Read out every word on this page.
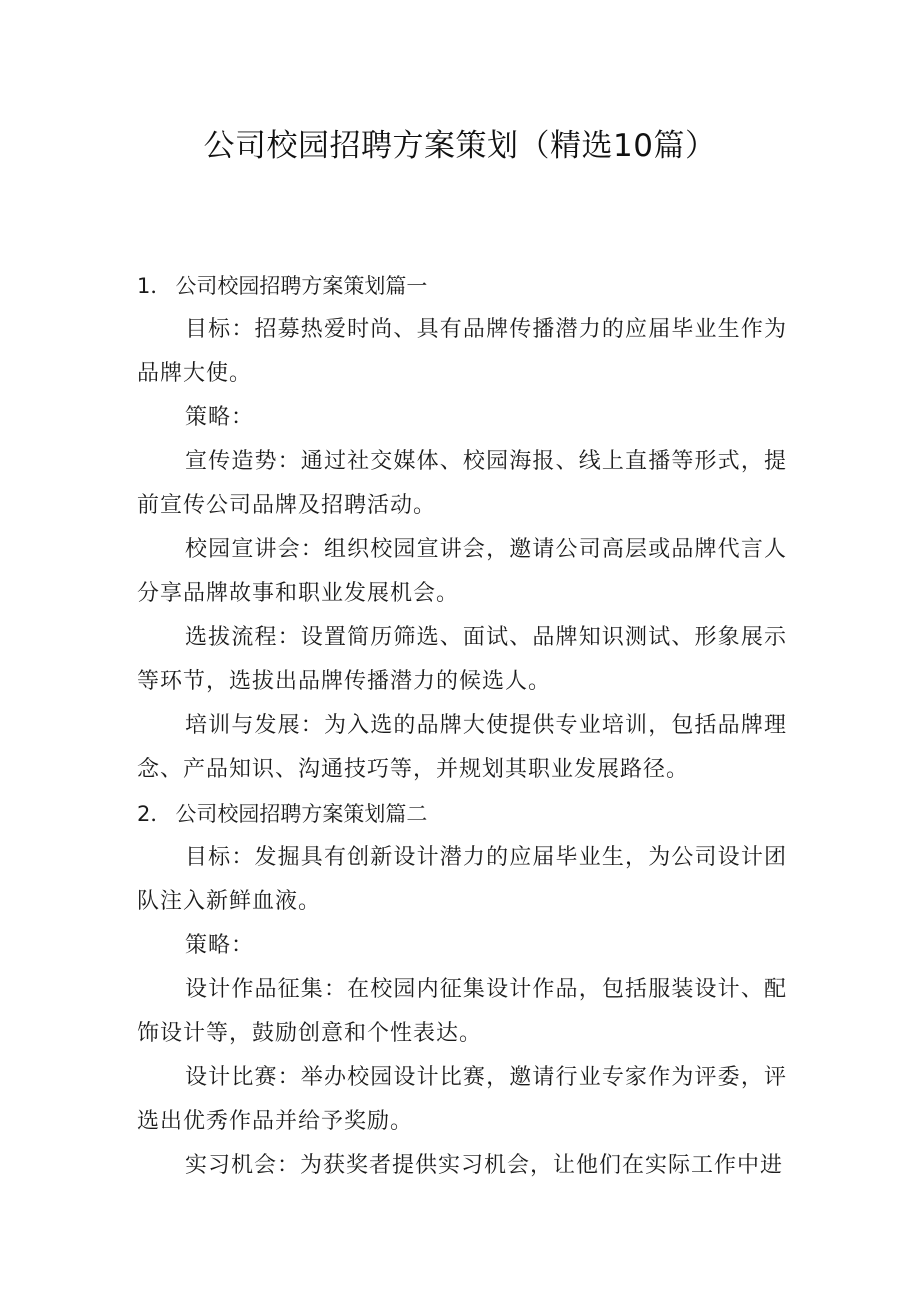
公司校园招聘方案策划（精选10篇）

1． 公司校园招聘方案策划篇一

目标：招募热爱时尚、具有品牌传播潜力的应届毕业生作为品牌大使。

策略：

宣传造势：通过社交媒体、校园海报、线上直播等形式，提前宣传公司品牌及招聘活动。

校园宣讲会：组织校园宣讲会，邀请公司高层或品牌代言人分享品牌故事和职业发展机会。

选拔流程：设置简历筛选、面试、品牌知识测试、形象展示等环节，选拔出品牌传播潜力的候选人。

培训与发展：为入选的品牌大使提供专业培训，包括品牌理念、产品知识、沟通技巧等，并规划其职业发展路径。

2． 公司校园招聘方案策划篇二

目标：发掘具有创新设计潜力的应届毕业生，为公司设计团队注入新鲜血液。

策略：

设计作品征集：在校园内征集设计作品，包括服装设计、配饰设计等，鼓励创意和个性表达。

设计比赛：举办校园设计比赛，邀请行业专家作为评委，评选出优秀作品并给予奖励。

实习机会：为获奖者提供实习机会，让他们在实际工作中进
